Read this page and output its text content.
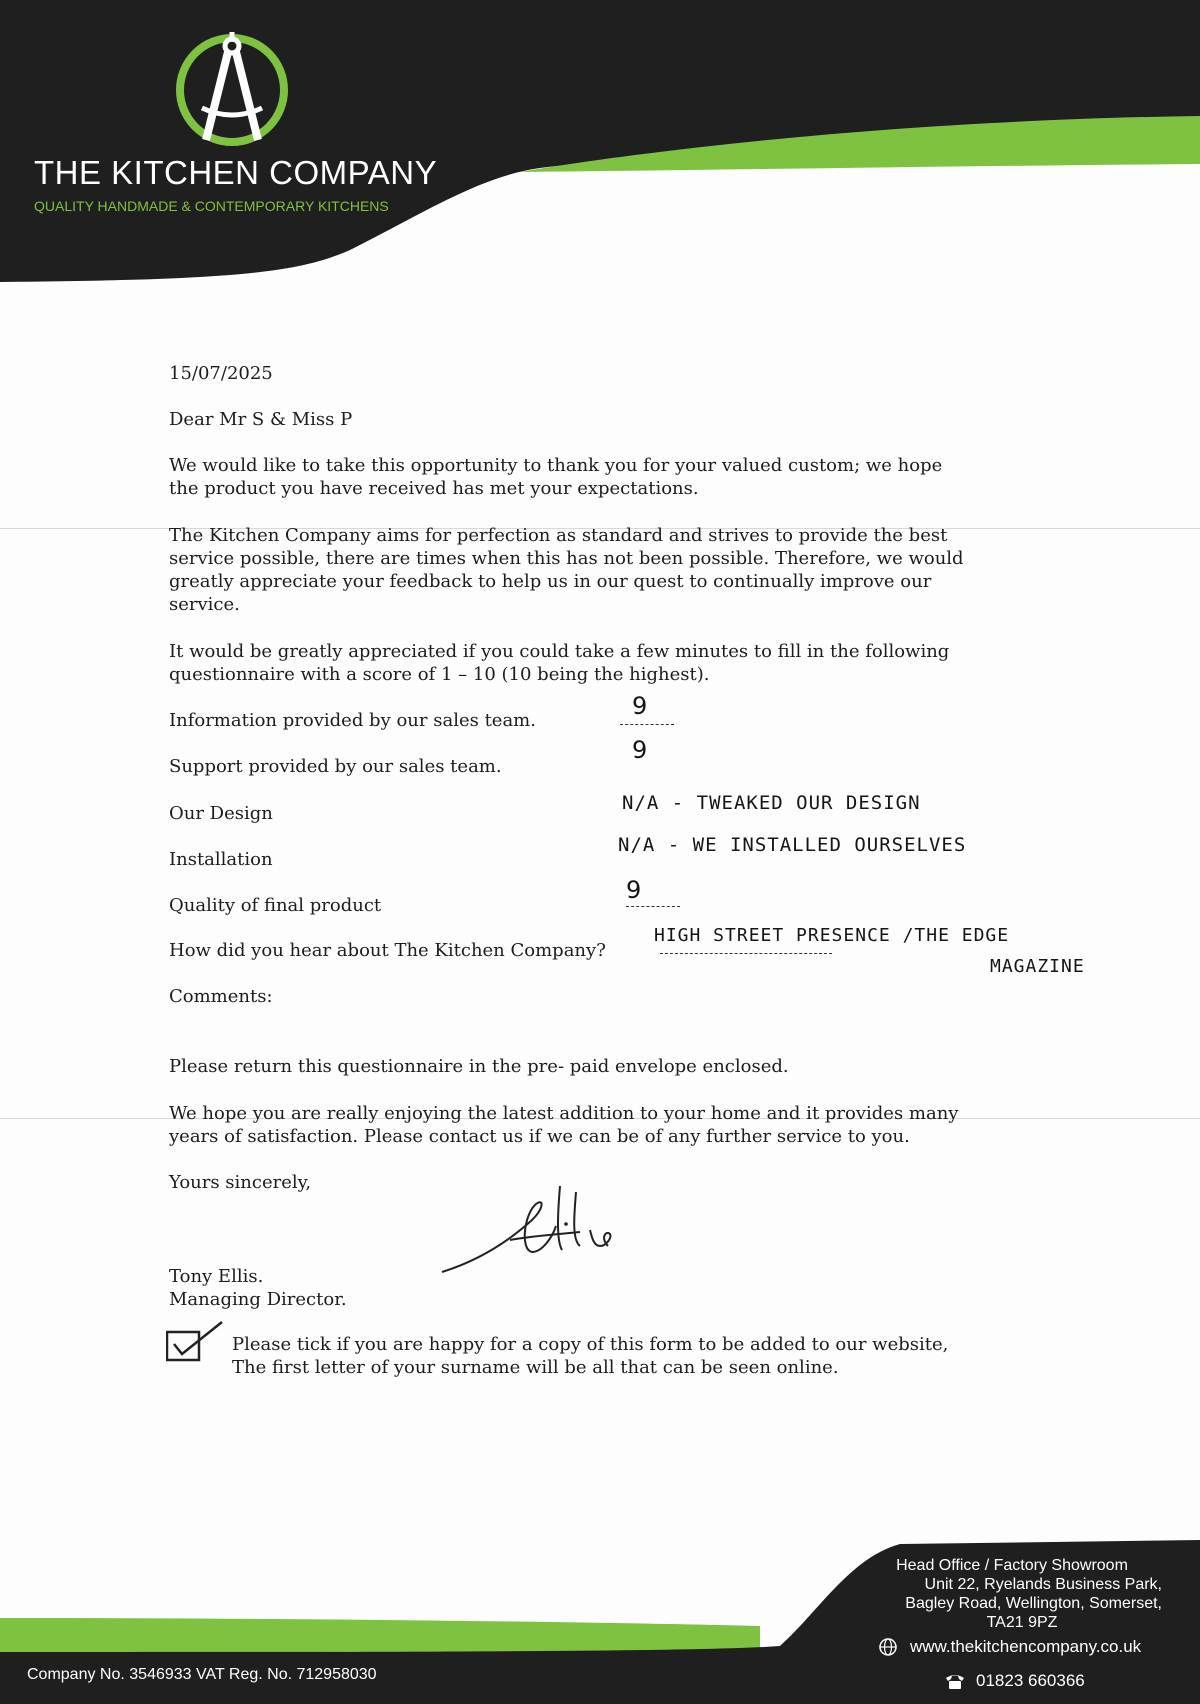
THE KITCHEN COMPANY
QUALITY HANDMADE & CONTEMPORARY KITCHENS
15/07/2025
Dear Mr S & Miss P
We would like to take this opportunity to thank you for your valued custom; we hope
the product you have received has met your expectations.
The Kitchen Company aims for perfection as standard and strives to provide the best
service possible, there are times when this has not been possible. Therefore, we would
greatly appreciate your feedback to help us in our quest to continually improve our
service.
It would be greatly appreciated if you could take a few minutes to fill in the following
questionnaire with a score of 1 – 10 (10 being the highest).
Information provided by our sales team.
9
Support provided by our sales team.
9
Our Design	N/A - TWEAKED OUR DESIGN
Installation
N/A - WE INSTALLED OURSELVES
Quality of final product
9
How did you hear about The Kitchen Company?
HIGH STREET PRESENCE /THE EDGE
MAGAZINE
Comments:
Please return this questionnaire in the pre- paid envelope enclosed.
We hope you are really enjoying the latest addition to your home and it provides many
years of satisfaction. Please contact us if we can be of any further service to you.
Yours sincerely,
Tony Ellis.
Managing Director.
Please tick if you are happy for a copy of this form to be added to our website,
The first letter of your surname will be all that can be seen online.
Head Office / Factory Showroom
Unit 22, Ryelands Business Park,
Bagley Road, Wellington, Somerset,
TA21 9PZ
www.thekitchencompany.co.uk
01823 660366
Company No. 3546933 VAT Reg. No. 712958030
